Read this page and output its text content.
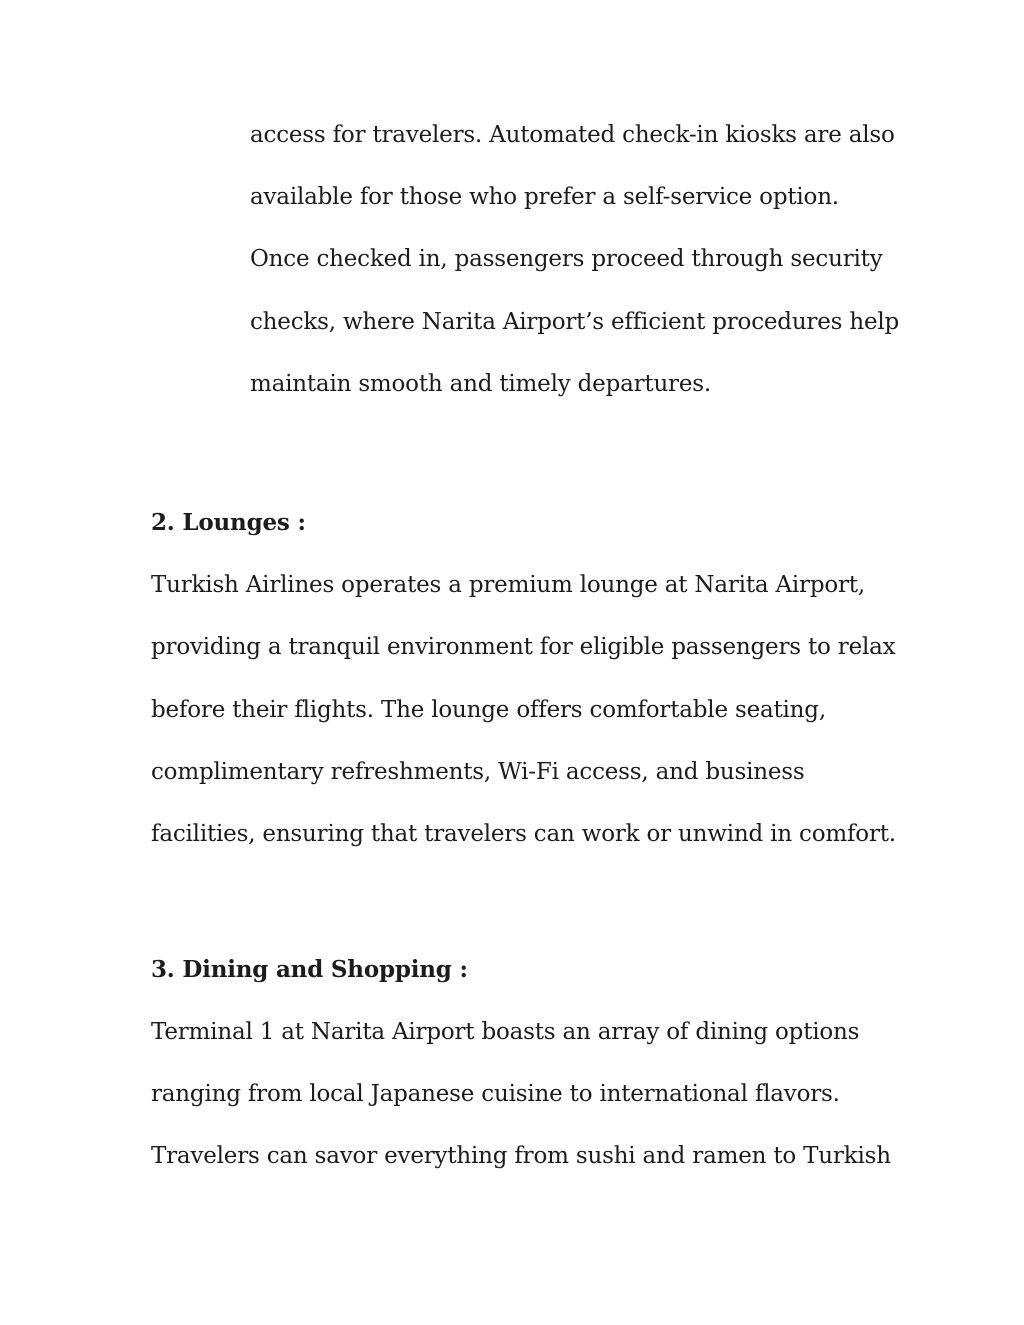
access for travelers. Automated check-in kiosks are also
available for those who prefer a self-service option.
Once checked in, passengers proceed through security
checks, where Narita Airport’s efficient procedures help
maintain smooth and timely departures.
2. Lounges :
Turkish Airlines operates a premium lounge at Narita Airport,
providing a tranquil environment for eligible passengers to relax
before their flights. The lounge offers comfortable seating,
complimentary refreshments, Wi-Fi access, and business
facilities, ensuring that travelers can work or unwind in comfort.
3. Dining and Shopping :
Terminal 1 at Narita Airport boasts an array of dining options
ranging from local Japanese cuisine to international flavors.
Travelers can savor everything from sushi and ramen to Turkish
